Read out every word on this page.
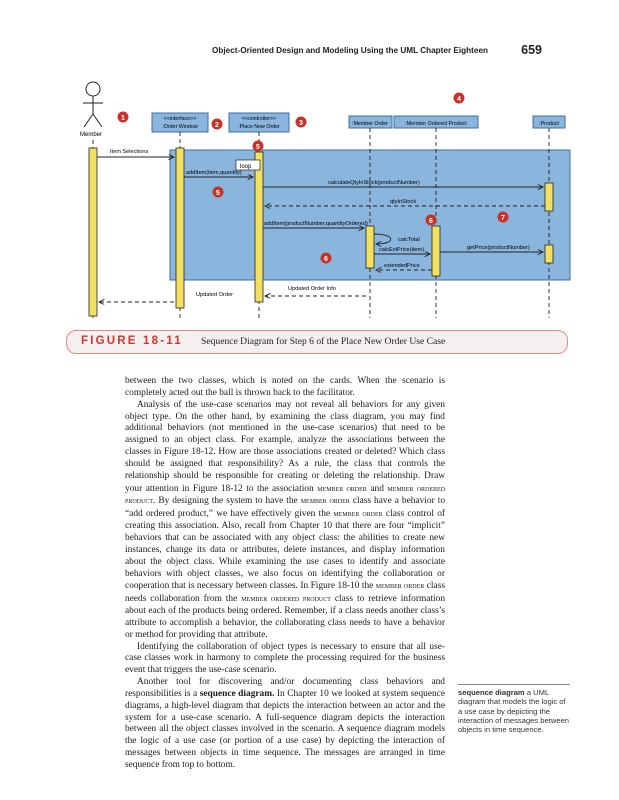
Object-Oriented Design and Modeling Using the UML Chapter Eighteen	659
Member
<<interface>>
:Order Window
<<controller>>
:Place New Order	:Member Order	:Member Ordered Product	:Product
loop
Item Selections
addItem(item,quantity)
calculateQtyInStock(productNumber)
qtyInStock
addItem(productNumber,quantityOrdered)
calcTotal
calcExtPrice(item)	getPrice(productNumber)
extendedPrice
Updated Order Info
Updated Order
1
2	3
4
5
5
6
6
7
FIGURE 18-11 Sequence Diagram for Step 6 of the Place New Order Use Case

between the two classes, which is noted on the cards. When the scenario is completely acted out the ball is thrown back to the facilitator.

Analysis of the use-case scenarios may not reveal all behaviors for any given object type. On the other hand, by examining the class diagram, you may find additional behaviors (not mentioned in the use-case scenarios) that need to be assigned to an object class. For example, analyze the associations between the classes in Figure 18-12. How are those associations created or deleted? Which class should be assigned that responsibility? As a rule, the class that controls the relationship should be responsible for creating or deleting the relationship. Draw your attention in Figure 18-12 to the association member order and member ordered product. By designing the system to have the member order class have a behavior to “add ordered product,” we have effectively given the member order class control of creating this association. Also, recall from Chapter 10 that there are four “implicit” behaviors that can be associated with any object class: the abilities to create new instances, change its data or attributes, delete instances, and display information about the object class. While examining the use cases to identify and associate behaviors with object classes, we also focus on identifying the collaboration or cooperation that is necessary between classes. In Figure 18-10 the member order class needs collaboration from the member ordered product class to retrieve information about each of the products being ordered. Remember, if a class needs another class’s attribute to accomplish a behavior, the collaborating class needs to have a behavior or method for providing that attribute.

Identifying the collaboration of object types is necessary to ensure that all use-case classes work in harmony to complete the processing required for the business event that triggers the use-case scenario.

Another tool for discovering and/or documenting class behaviors and responsibilities is a sequence diagram. In Chapter 10 we looked at system sequence diagrams, a high-level diagram that depicts the interaction between an actor and the system for a use-case scenario. A full-sequence diagram depicts the interaction between all the object classes involved in the scenario. A sequence diagram models the logic of a use case (or portion of a use case) by depicting the interaction of messages between objects in time sequence. The messages are arranged in time sequence from top to bottom.

sequence diagram a UML diagram that models the logic of a use case by depicting the interaction of messages between objects in time sequence.
